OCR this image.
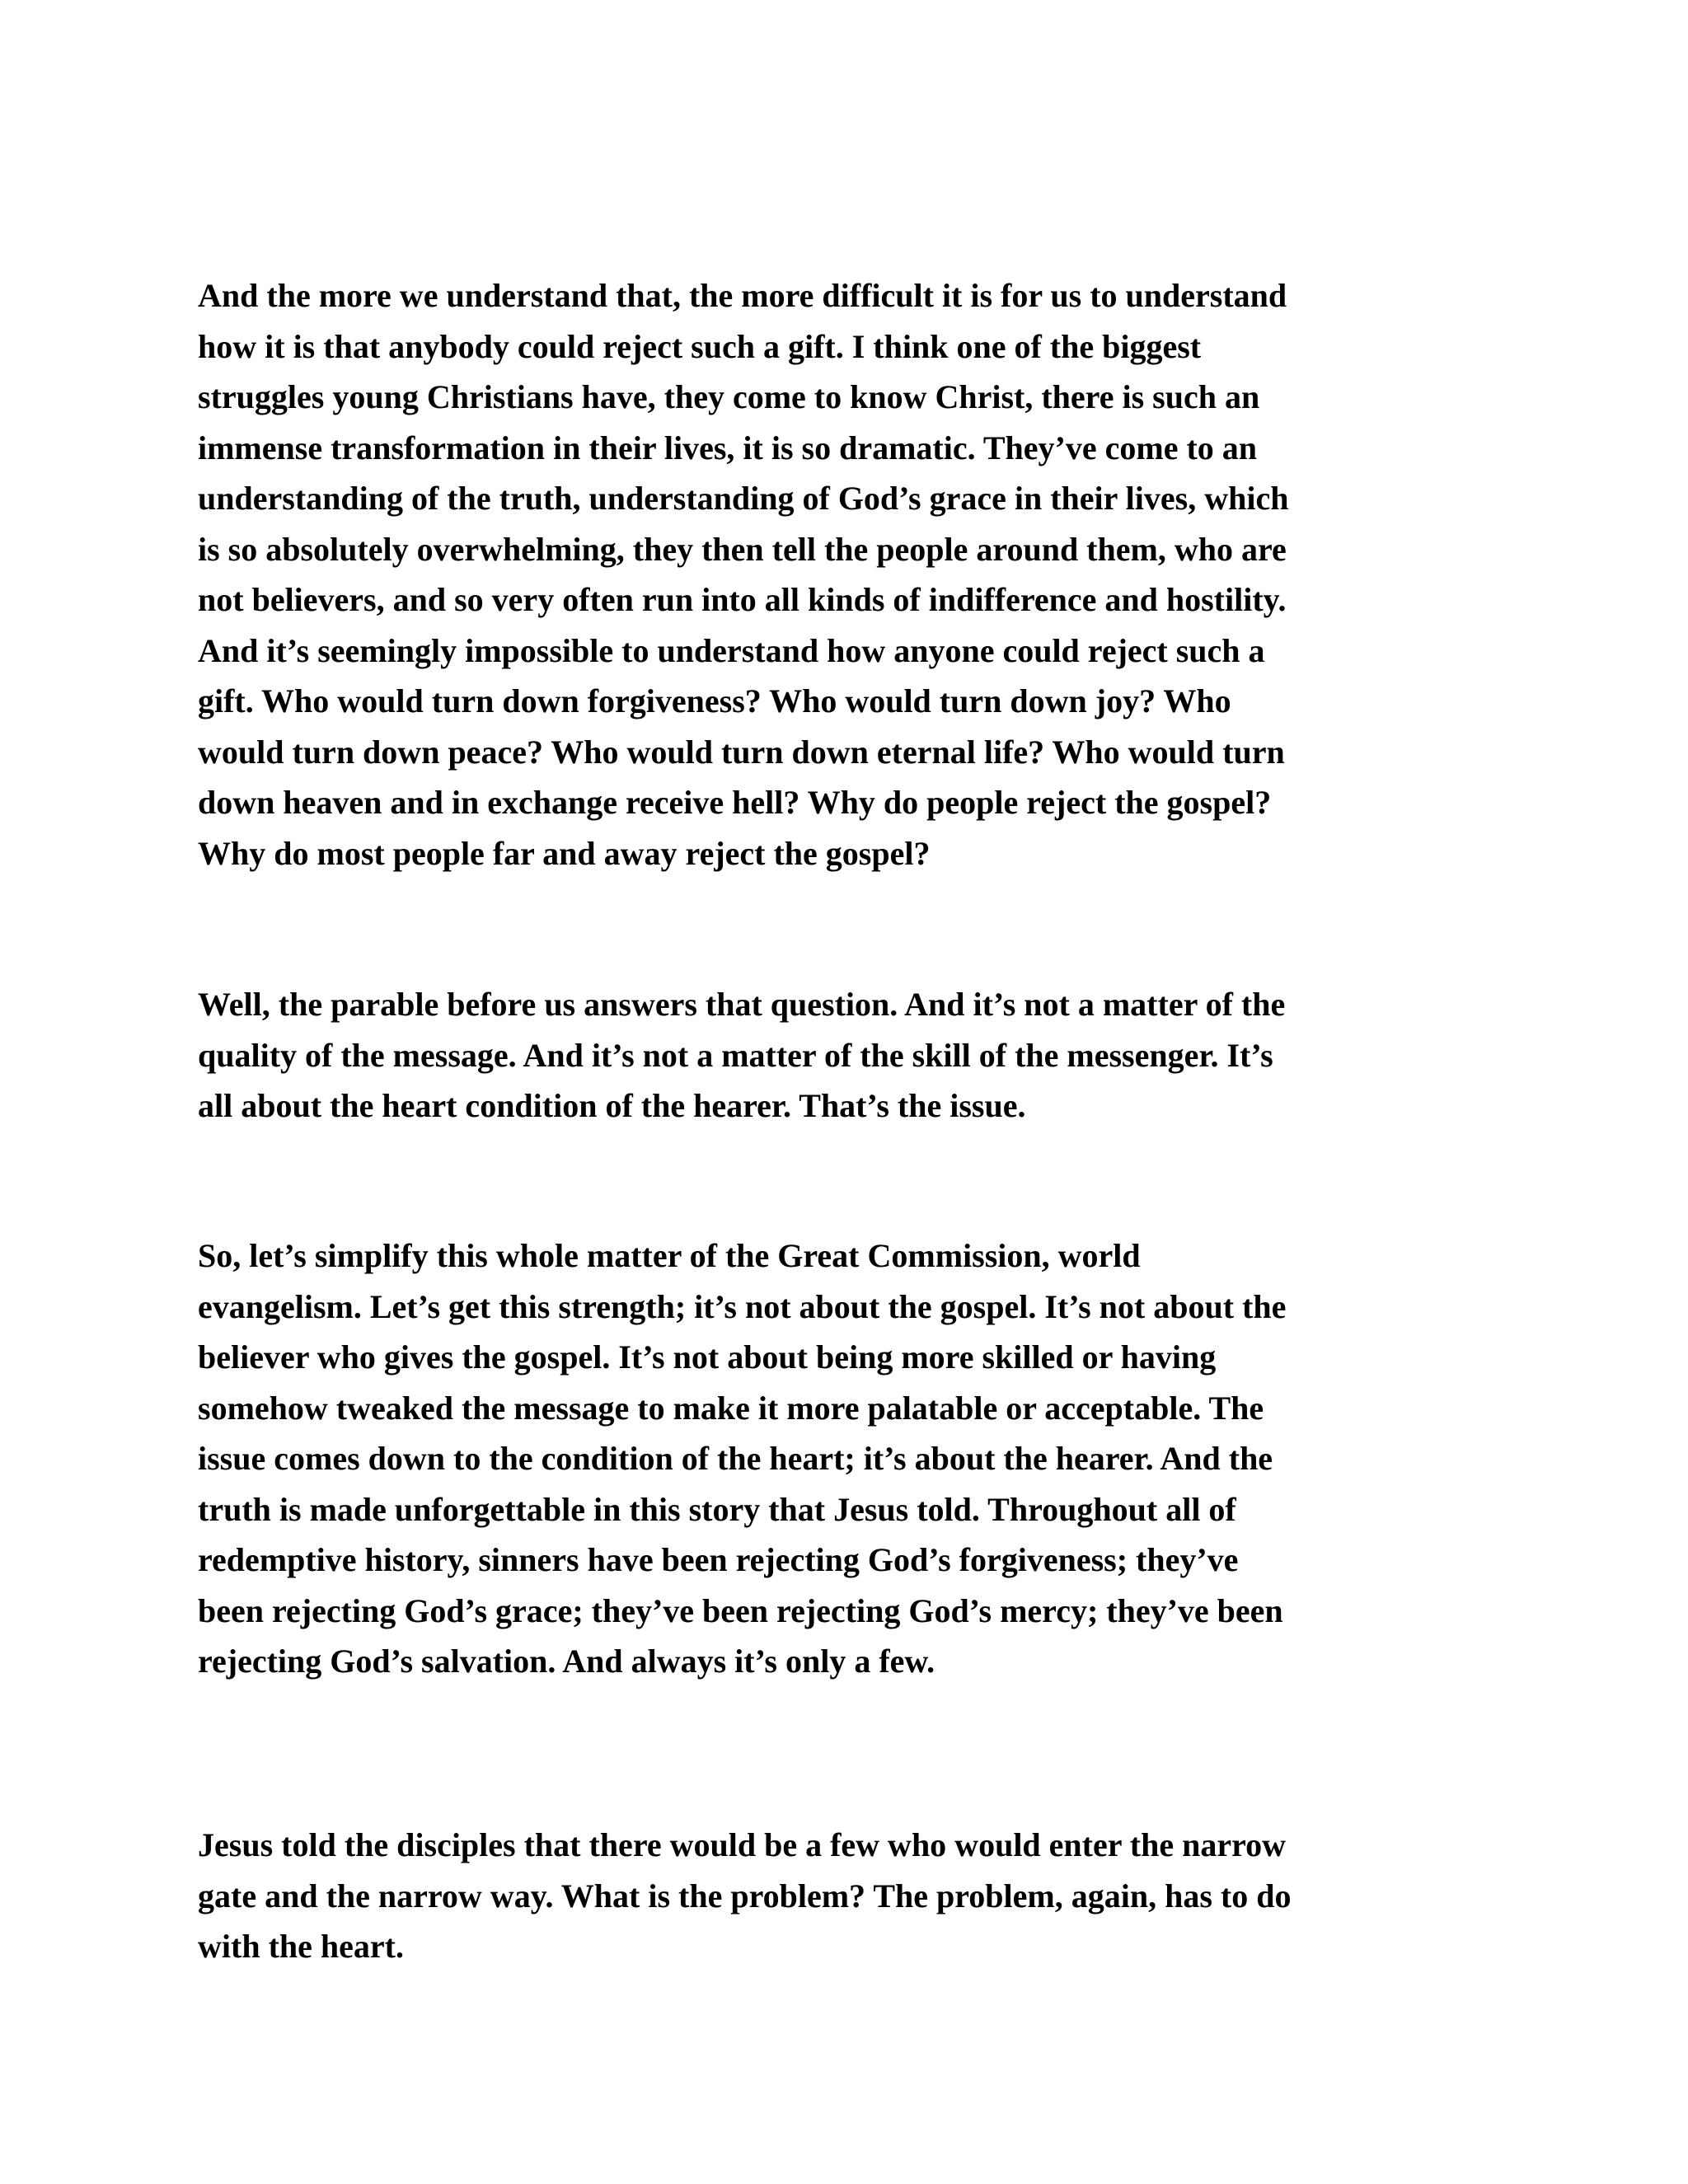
And the more we understand that, the more difficult it is for us to understand
how it is that anybody could reject such a gift. I think one of the biggest
struggles young Christians have, they come to know Christ, there is such an
immense transformation in their lives, it is so dramatic. They’ve come to an
understanding of the truth, understanding of God’s grace in their lives, which
is so absolutely overwhelming, they then tell the people around them, who are
not believers, and so very often run into all kinds of indifference and hostility.
And it’s seemingly impossible to understand how anyone could reject such a
gift. Who would turn down forgiveness? Who would turn down joy? Who
would turn down peace? Who would turn down eternal life? Who would turn
down heaven and in exchange receive hell? Why do people reject the gospel?
Why do most people far and away reject the gospel?

Well, the parable before us answers that question. And it’s not a matter of the
quality of the message. And it’s not a matter of the skill of the messenger. It’s
all about the heart condition of the hearer. That’s the issue.

So, let’s simplify this whole matter of the Great Commission, world
evangelism. Let’s get this strength; it’s not about the gospel. It’s not about the
believer who gives the gospel. It’s not about being more skilled or having
somehow tweaked the message to make it more palatable or acceptable. The
issue comes down to the condition of the heart; it’s about the hearer. And the
truth is made unforgettable in this story that Jesus told. Throughout all of
redemptive history, sinners have been rejecting God’s forgiveness; they’ve
been rejecting God’s grace; they’ve been rejecting God’s mercy; they’ve been
rejecting God’s salvation. And always it’s only a few.

Jesus told the disciples that there would be a few who would enter the narrow
gate and the narrow way. What is the problem? The problem, again, has to do
with the heart.
